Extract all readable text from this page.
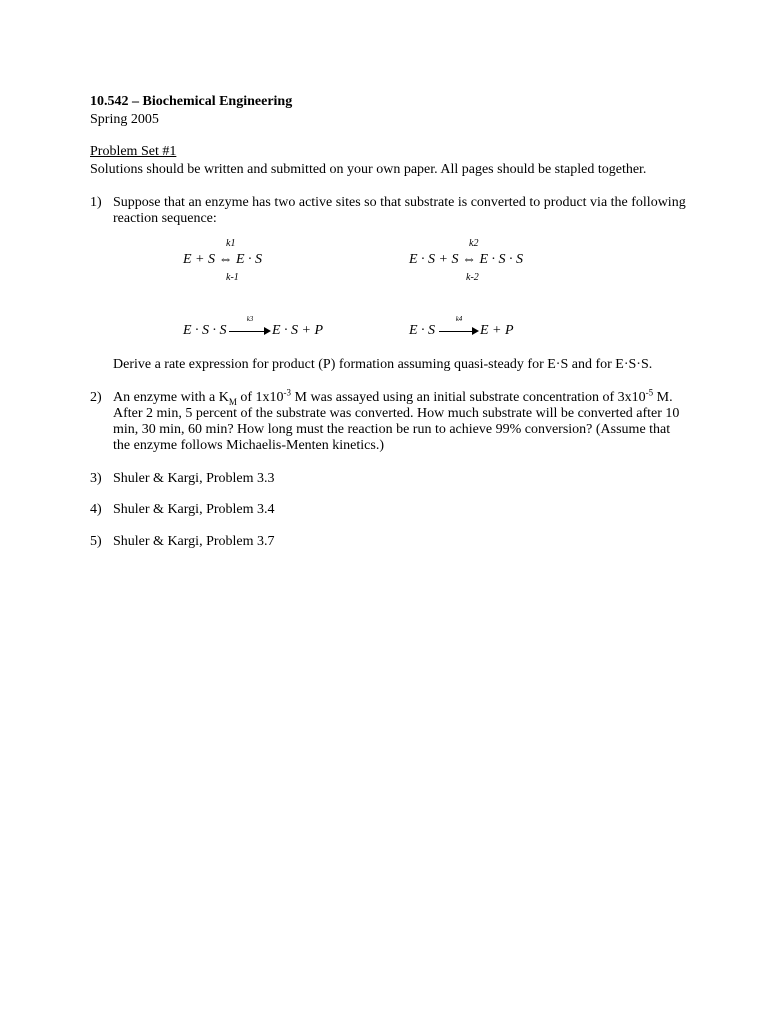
10.542 – Biochemical Engineering
Spring 2005
Problem Set #1
Solutions should be written and submitted on your own paper. All pages should be stapled together.
1) Suppose that an enzyme has two active sites so that substrate is converted to product via the following reaction sequence:
k1
E + S ⇔ E · S
k-1
k2
E · S + S ⇔ E · S · S
k-2
E · S · S
k3
E · S + P	E · S
k4
E + P
Derive a rate expression for product (P) formation assuming quasi-steady for E·S and for E·S·S.
2) An enzyme with a $K_M$ of $1x10^{-3}$ M was assayed using an initial substrate concentration of $3x10^{-5}$ M. After 2 min, 5 percent of the substrate was converted. How much substrate will be converted after 10 min, 30 min, 60 min? How long must the reaction be run to achieve 99% conversion? (Assume that the enzyme follows Michaelis-Menten kinetics.)
3) Shuler & Kargi, Problem 3.3
4) Shuler & Kargi, Problem 3.4
5) Shuler & Kargi, Problem 3.7
